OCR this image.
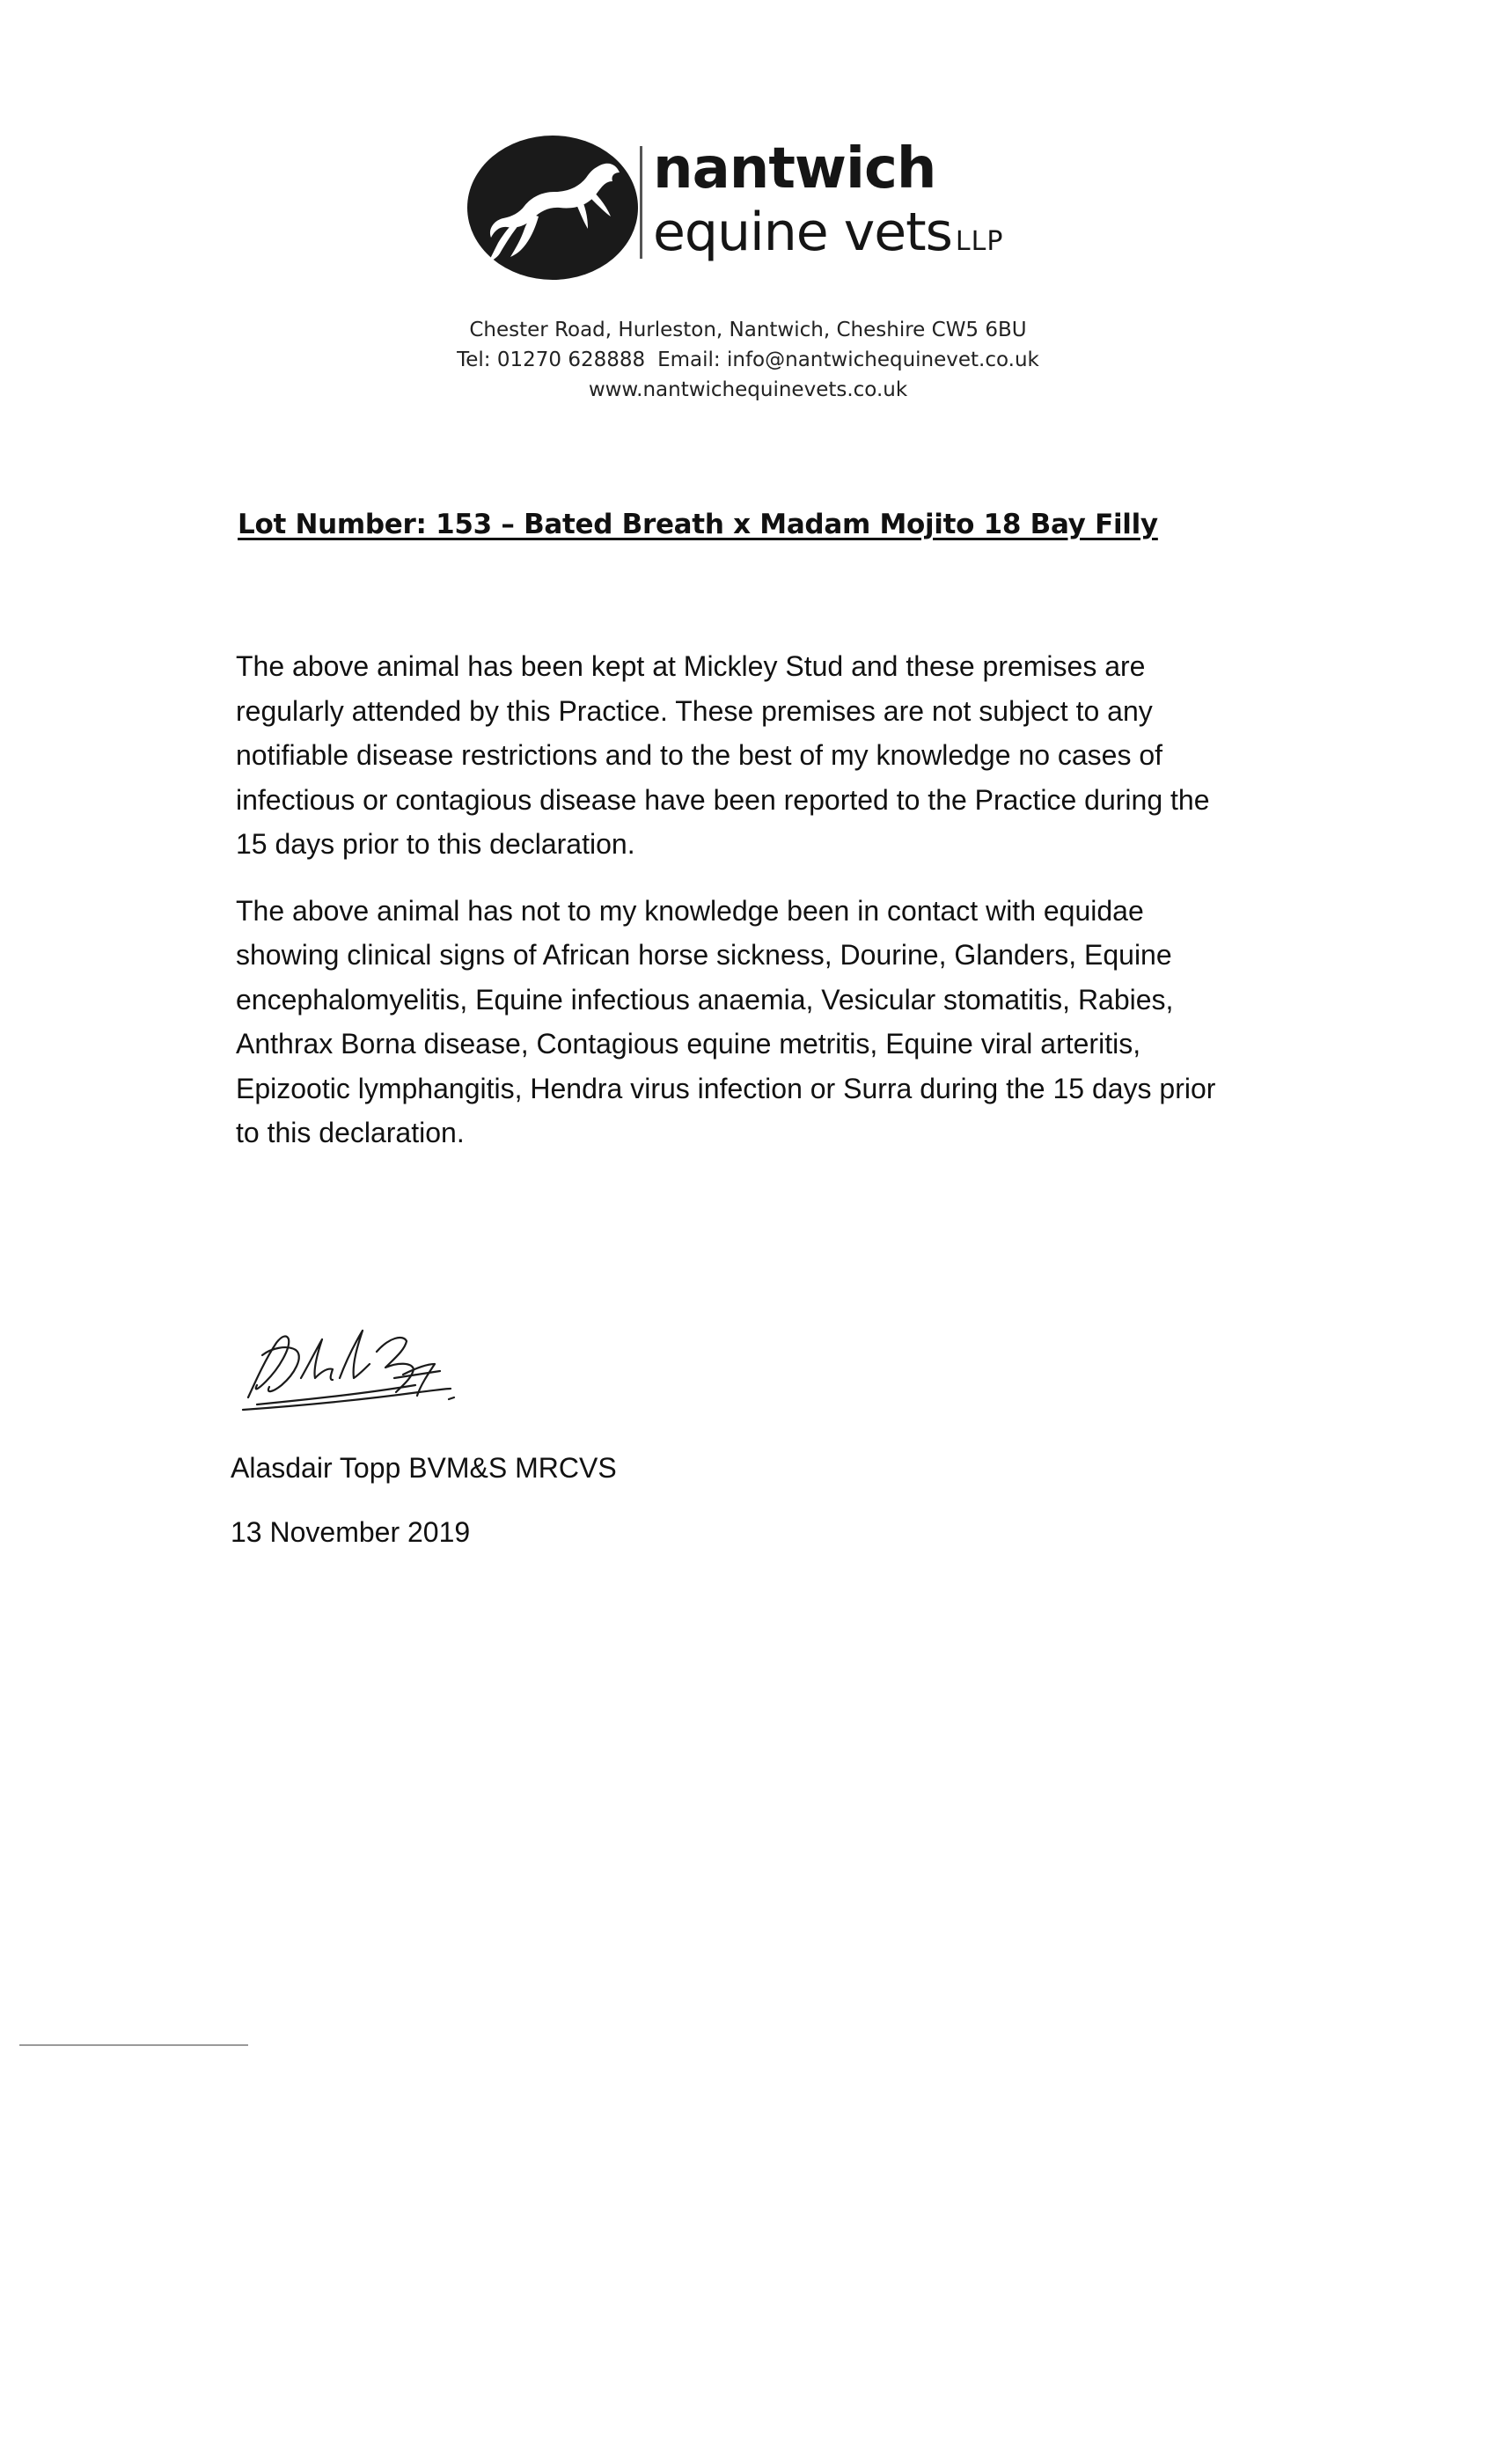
nantwich
equine vets LLP
Chester Road, Hurleston, Nantwich, Cheshire CW5 6BU
Tel: 01270 628888 Email: info@nantwichequinevet.co.uk
www.nantwichequinevets.co.uk
Lot Number: 153 – Bated Breath x Madam Mojito 18 Bay Filly

The above animal has been kept at Mickley Stud and these premises are
regularly attended by this Practice. These premises are not subject to any
notifiable disease restrictions and to the best of my knowledge no cases of
infectious or contagious disease have been reported to the Practice during the
15 days prior to this declaration.

The above animal has not to my knowledge been in contact with equidae
showing clinical signs of African horse sickness, Dourine, Glanders, Equine
encephalomyelitis, Equine infectious anaemia, Vesicular stomatitis, Rabies,
Anthrax Borna disease, Contagious equine metritis, Equine viral arteritis,
Epizootic lymphangitis, Hendra virus infection or Surra during the 15 days prior
to this declaration.

Alasdair Topp BVM&S MRCVS
13 November 2019
